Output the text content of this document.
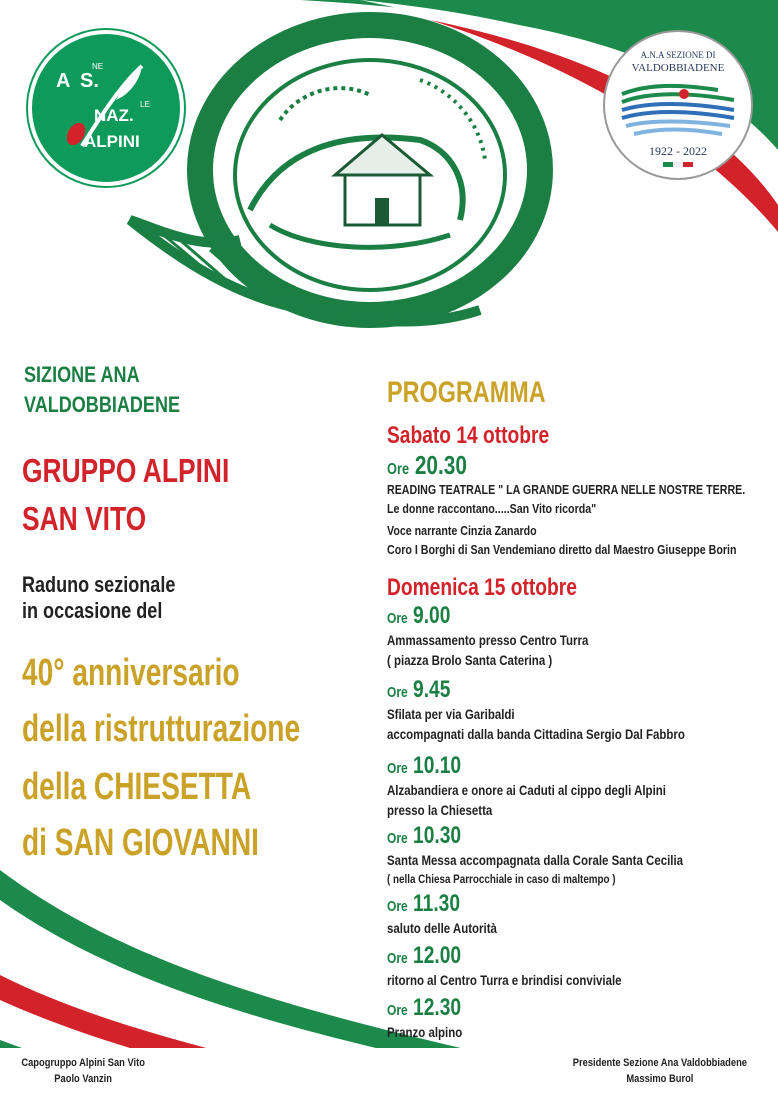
A S.
NE
NAZ.
LE
ALPINI
A.N.A SEZIONE DI
VALDOBBIADENE
1922 - 2022
SIZIONE ANA
VALDOBBIADENE
GRUPPO ALPINI
SAN VITO
Raduno sezionale
in occasione del
40° anniversario
della ristrutturazione
della CHIESETTA
di SAN GIOVANNI
PROGRAMMA
Sabato 14 ottobre
Ore 20.30
READING TEATRALE " LA GRANDE GUERRA NELLE NOSTRE TERRE.
Le donne raccontano.....San Vito ricorda"
Voce narrante Cinzia Zanardo
Coro I Borghi di San Vendemiano diretto dal Maestro Giuseppe Borin
Domenica 15 ottobre
Ore 9.00
Ammassamento presso Centro Turra
( piazza Brolo Santa Caterina )
Ore 9.45
Sfilata per via Garibaldi
accompagnati dalla banda Cittadina Sergio Dal Fabbro
Ore 10.10
Alzabandiera e onore ai Caduti al cippo degli Alpini
presso la Chiesetta
Ore 10.30
Santa Messa accompagnata dalla Corale Santa Cecilia
( nella Chiesa Parrocchiale in caso di maltempo )
Ore 11.30
saluto delle Autorità
Ore 12.00
ritorno al Centro Turra e brindisi conviviale
Ore 12.30
Pranzo alpino
Capogruppo Alpini San Vito
Paolo Vanzin
Presidente Sezione Ana Valdobbiadene
Massimo Burol
